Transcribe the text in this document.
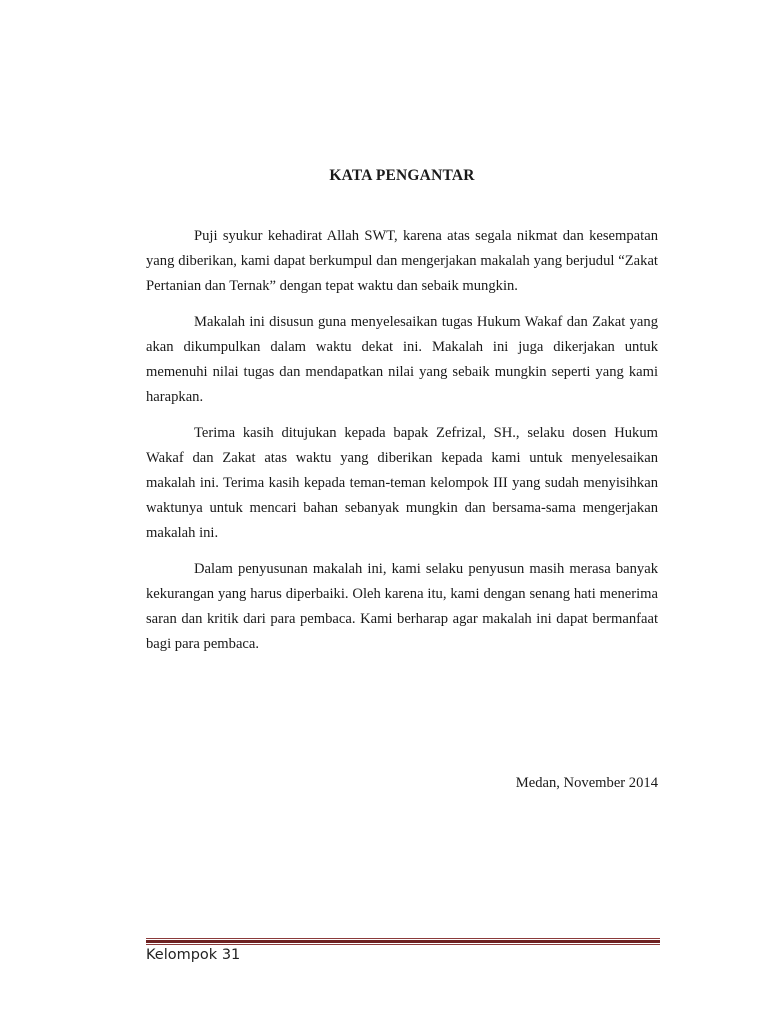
KATA PENGANTAR

Puji syukur kehadirat Allah SWT, karena atas segala nikmat dan kesempatan yang diberikan, kami dapat berkumpul dan mengerjakan makalah yang berjudul “Zakat Pertanian dan Ternak” dengan tepat waktu dan sebaik mungkin.

Makalah ini disusun guna menyelesaikan tugas Hukum Wakaf dan Zakat yang akan dikumpulkan dalam waktu dekat ini. Makalah ini juga dikerjakan untuk memenuhi nilai tugas dan mendapatkan nilai yang sebaik mungkin seperti yang kami harapkan.

Terima kasih ditujukan kepada bapak Zefrizal, SH., selaku dosen Hukum Wakaf dan Zakat atas waktu yang diberikan kepada kami untuk menyelesaikan makalah ini. Terima kasih kepada teman-teman kelompok III yang sudah menyisihkan waktunya untuk mencari bahan sebanyak mungkin dan bersama-sama mengerjakan makalah ini.

Dalam penyusunan makalah ini, kami selaku penyusun masih merasa banyak kekurangan yang harus diperbaiki. Oleh karena itu, kami dengan senang hati menerima saran dan kritik dari para pembaca. Kami berharap agar makalah ini dapat bermanfaat bagi para pembaca.

Medan, November 2014
Kelompok 31
